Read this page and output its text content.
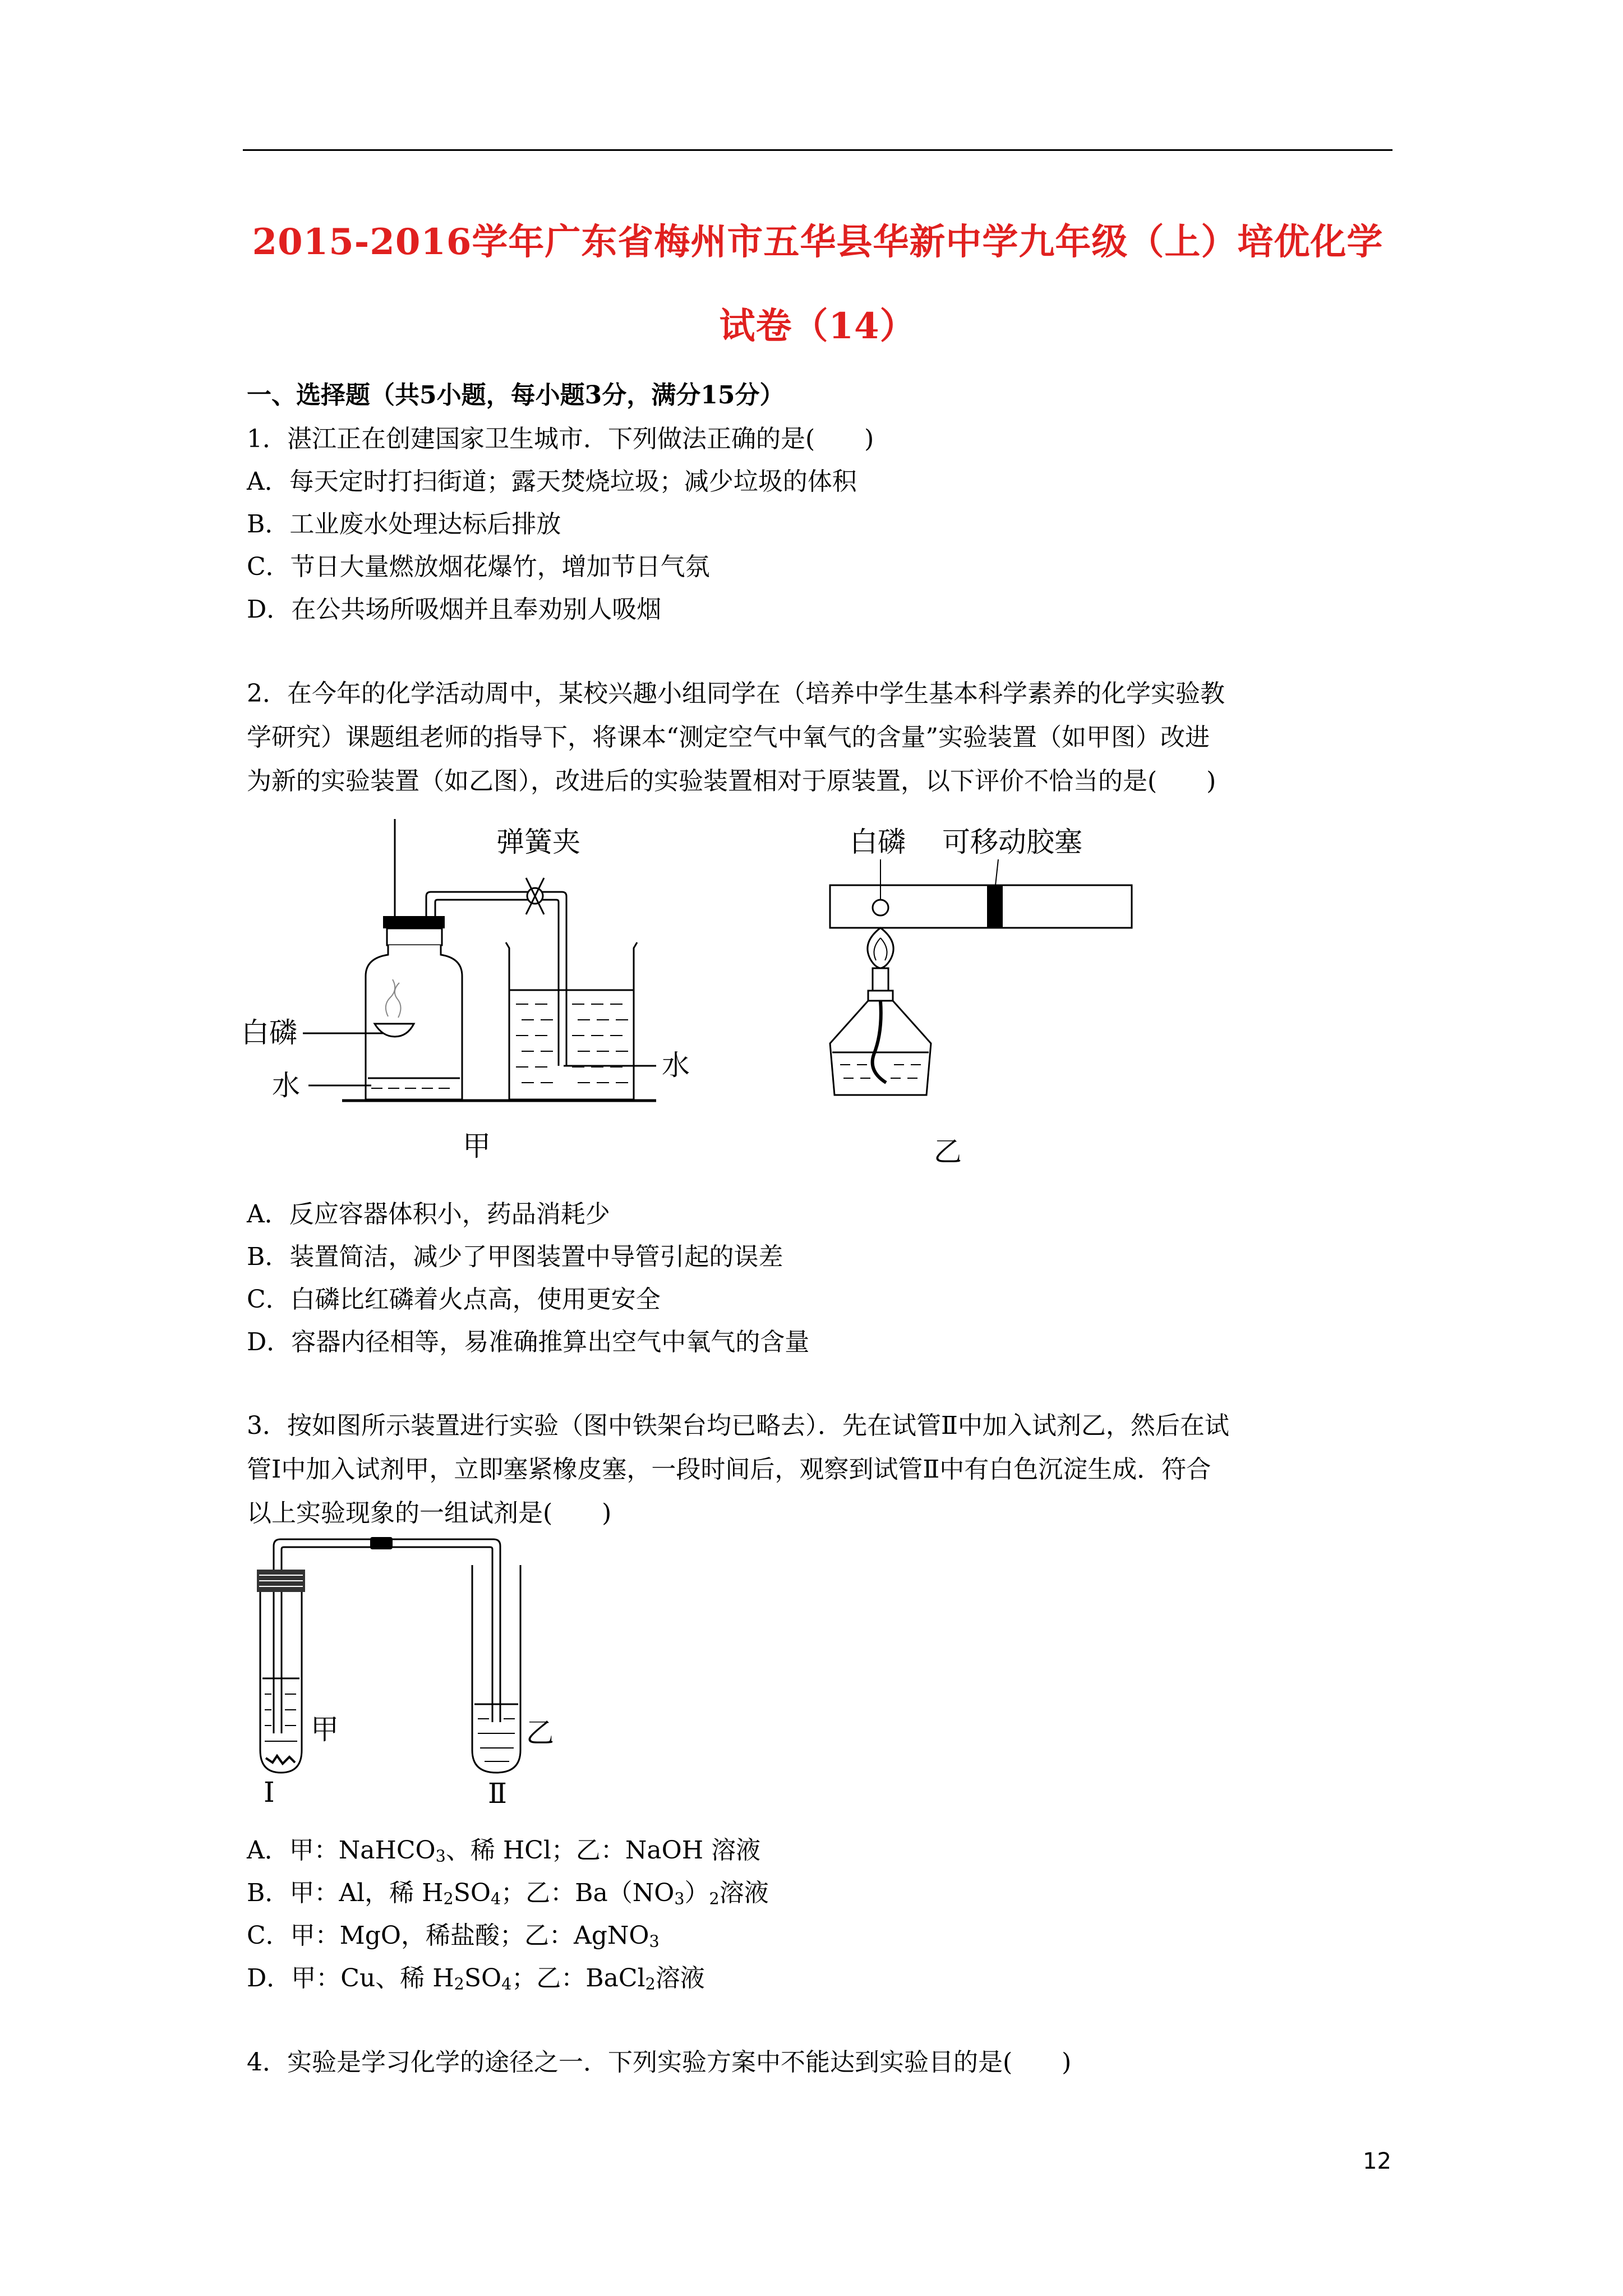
2015-2016学年广东省梅州市五华县华新中学九年级（上）培优化学
试卷（14）
一、选择题（共5小题，每小题3分，满分15分）
1．湛江正在创建国家卫生城市．下列做法正确的是(　　)
A．每天定时打扫街道；露天焚烧垃圾；减少垃圾的体积
B．工业废水处理达标后排放
C．节日大量燃放烟花爆竹，增加节日气氛
D．在公共场所吸烟并且奉劝别人吸烟
2．在今年的化学活动周中，某校兴趣小组同学在（培养中学生基本科学素养的化学实验教
学研究）课题组老师的指导下，将课本“测定空气中氧气的含量”实验装置（如甲图）改进
为新的实验装置（如乙图），改进后的实验装置相对于原装置，以下评价不恰当的是(　　)
弹簧夹
白磷
水
水
甲
白磷 可移动胶塞
乙
A．反应容器体积小，药品消耗少
B．装置简洁，减少了甲图装置中导管引起的误差
C．白磷比红磷着火点高，使用更安全
D．容器内径相等，易准确推算出空气中氧气的含量
3．按如图所示装置进行实验（图中铁架台均已略去）．先在试管Ⅱ中加入试剂乙，然后在试
管Ⅰ中加入试剂甲，立即塞紧橡皮塞，一段时间后，观察到试管Ⅱ中有白色沉淀生成．符合
以上实验现象的一组试剂是(　　)
甲	乙
I	Ⅱ
A．甲：NaHCO$_3$、稀 HCl；乙：NaOH 溶液
B．甲：Al，稀 $H_2SO_4$；乙：$Ba(NO_3)_2$溶液
C．甲：MgO，稀盐酸；乙：AgNO$_3$
D．甲：Cu、稀 $H_2SO_4$；乙：BaCl$_2$溶液
4．实验是学习化学的途径之一．下列实验方案中不能达到实验目的是(　　)
12
